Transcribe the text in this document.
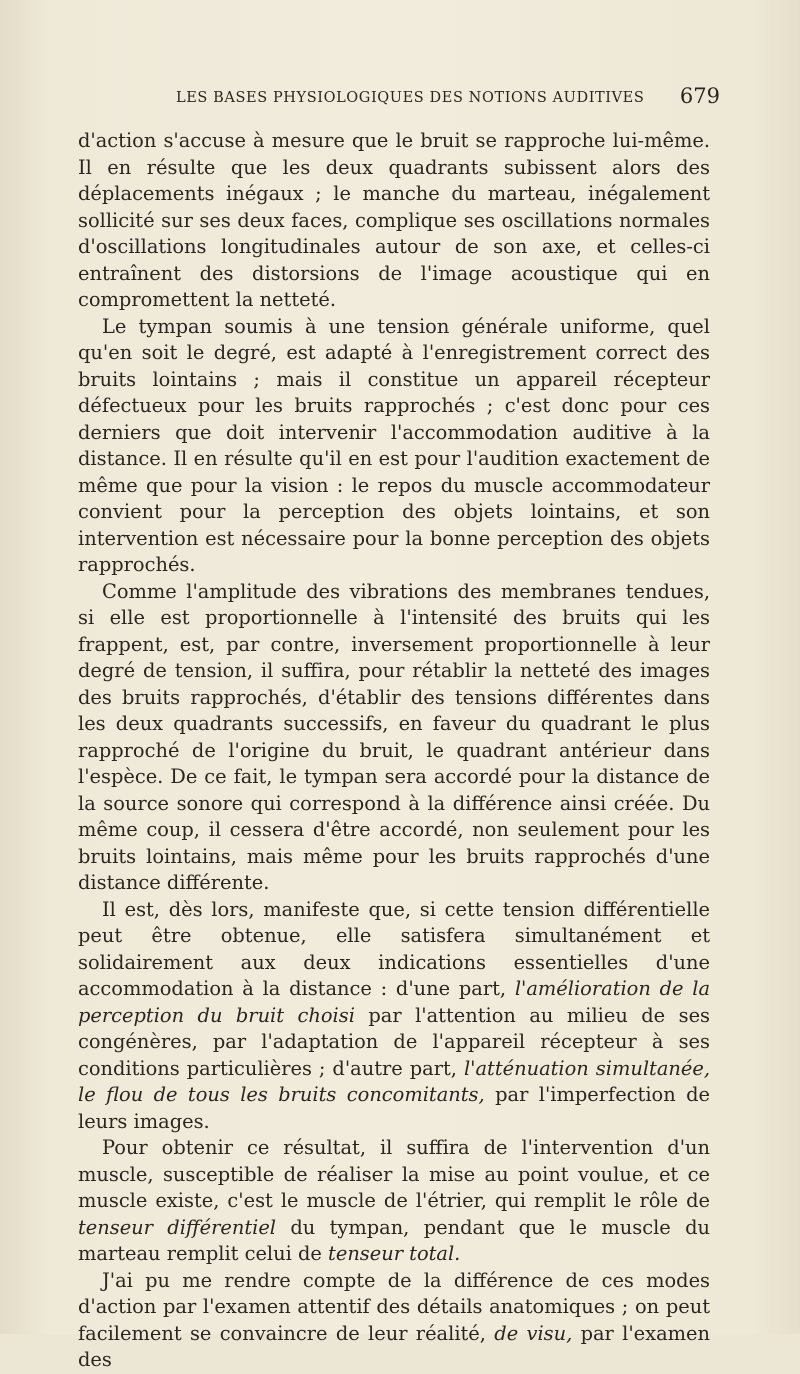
LES BASES PHYSIOLOGIQUES DES NOTIONS AUDITIVES 679

d'action s'accuse à mesure que le bruit se rapproche lui-même. Il en résulte que les deux quadrants subissent alors des déplacements inégaux ; le manche du marteau, inégalement sollicité sur ses deux faces, complique ses oscillations normales d'oscillations longitudinales autour de son axe, et celles-ci entraînent des distorsions de l'image acoustique qui en compromettent la netteté.

Le tympan soumis à une tension générale uniforme, quel qu'en soit le degré, est adapté à l'enregistrement correct des bruits lointains ; mais il constitue un appareil récepteur défectueux pour les bruits rapprochés ; c'est donc pour ces derniers que doit intervenir l'accommodation auditive à la distance. Il en résulte qu'il en est pour l'audition exactement de même que pour la vision : le repos du muscle accommodateur convient pour la perception des objets lointains, et son intervention est nécessaire pour la bonne perception des objets rapprochés.

Comme l'amplitude des vibrations des membranes tendues, si elle est proportionnelle à l'intensité des bruits qui les frappent, est, par contre, inversement proportionnelle à leur degré de tension, il suffira, pour rétablir la netteté des images des bruits rapprochés, d'établir des tensions différentes dans les deux quadrants successifs, en faveur du quadrant le plus rapproché de l'origine du bruit, le quadrant antérieur dans l'espèce. De ce fait, le tympan sera accordé pour la distance de la source sonore qui correspond à la différence ainsi créée. Du même coup, il cessera d'être accordé, non seulement pour les bruits lointains, mais même pour les bruits rapprochés d'une distance différente.

Il est, dès lors, manifeste que, si cette tension différentielle peut être obtenue, elle satisfera simultanément et solidairement aux deux indications essentielles d'une accommodation à la distance : d'une part, l'amélioration de la perception du bruit choisi par l'attention au milieu de ses congénères, par l'adaptation de l'appareil récepteur à ses conditions particulières ; d'autre part, l'atténuation simultanée, le flou de tous les bruits concomitants, par l'imperfection de leurs images.

Pour obtenir ce résultat, il suffira de l'intervention d'un muscle, susceptible de réaliser la mise au point voulue, et ce muscle existe, c'est le muscle de l'étrier, qui remplit le rôle de tenseur différentiel du tympan, pendant que le muscle du marteau remplit celui de tenseur total.

J'ai pu me rendre compte de la différence de ces modes d'action par l'examen attentif des détails anatomiques ; on peut facilement se convaincre de leur réalité, de visu, par l'examen des
